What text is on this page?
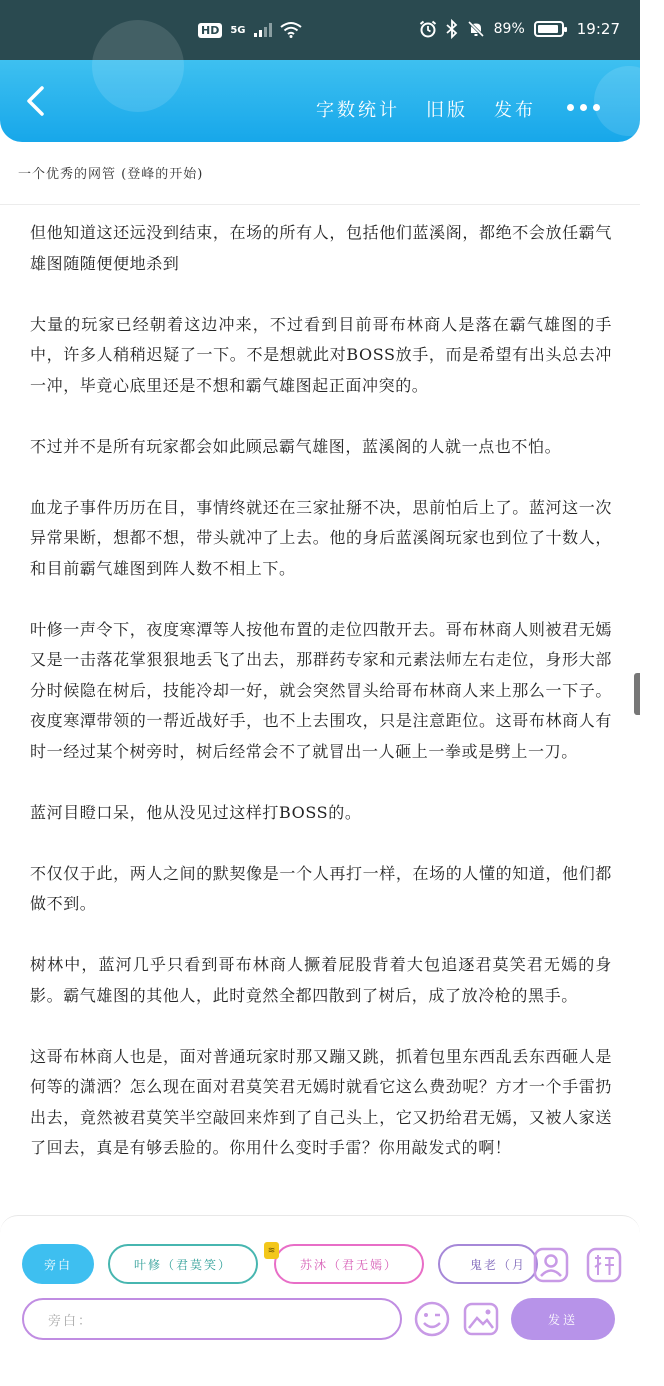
HD	5G	89%	19:27
字数统计 旧版 发布
一个优秀的网管 (登峰的开始)

但他知道这还远没到结束，在场的所有人，包括他们蓝溪阁，都绝不会放任霸气雄图随随便便地杀到

大量的玩家已经朝着这边冲来，不过看到目前哥布林商人是落在霸气雄图的手中，许多人稍稍迟疑了一下。不是想就此对BOSS放手，而是希望有出头总去冲一冲，毕竟心底里还是不想和霸气雄图起正面冲突的。

不过并不是所有玩家都会如此顾忌霸气雄图，蓝溪阁的人就一点也不怕。

血龙子事件历历在目，事情终就还在三家扯掰不决，思前怕后上了。蓝河这一次异常果断，想都不想，带头就冲了上去。他的身后蓝溪阁玩家也到位了十数人，和目前霸气雄图到阵人数不相上下。

叶修一声令下，夜度寒潭等人按他布置的走位四散开去。哥布林商人则被君无嫣又是一击落花掌狠狠地丢飞了出去，那群药专家和元素法师左右走位，身形大部分时候隐在树后，技能冷却一好，就会突然冒头给哥布林商人来上那么一下子。夜度寒潭带领的一帮近战好手，也不上去围攻，只是注意距位。这哥布林商人有时一经过某个树旁时，树后经常会不了就冒出一人砸上一拳或是劈上一刀。

蓝河目瞪口呆，他从没见过这样打BOSS的。

不仅仅于此，两人之间的默契像是一个人再打一样，在场的人懂的知道，他们都做不到。

树林中，蓝河几乎只看到哥布林商人撅着屁股背着大包追逐君莫笑君无嫣的身影。霸气雄图的其他人，此时竟然全都四散到了树后，成了放冷枪的黑手。

这哥布林商人也是，面对普通玩家时那又蹦又跳，抓着包里东西乱丢东西砸人是何等的潇洒？怎么现在面对君莫笑君无嫣时就看它这么费劲呢？方才一个手雷扔出去，竟然被君莫笑半空敲回来炸到了自己头上，它又扔给君无嫣，又被人家送了回去，真是有够丢脸的。你用什么变时手雷？你用敲发式的啊！

旁白	叶修（君莫笑）	苏沐（君无嫣）	鬼老（月
≋
旁白：	发送
